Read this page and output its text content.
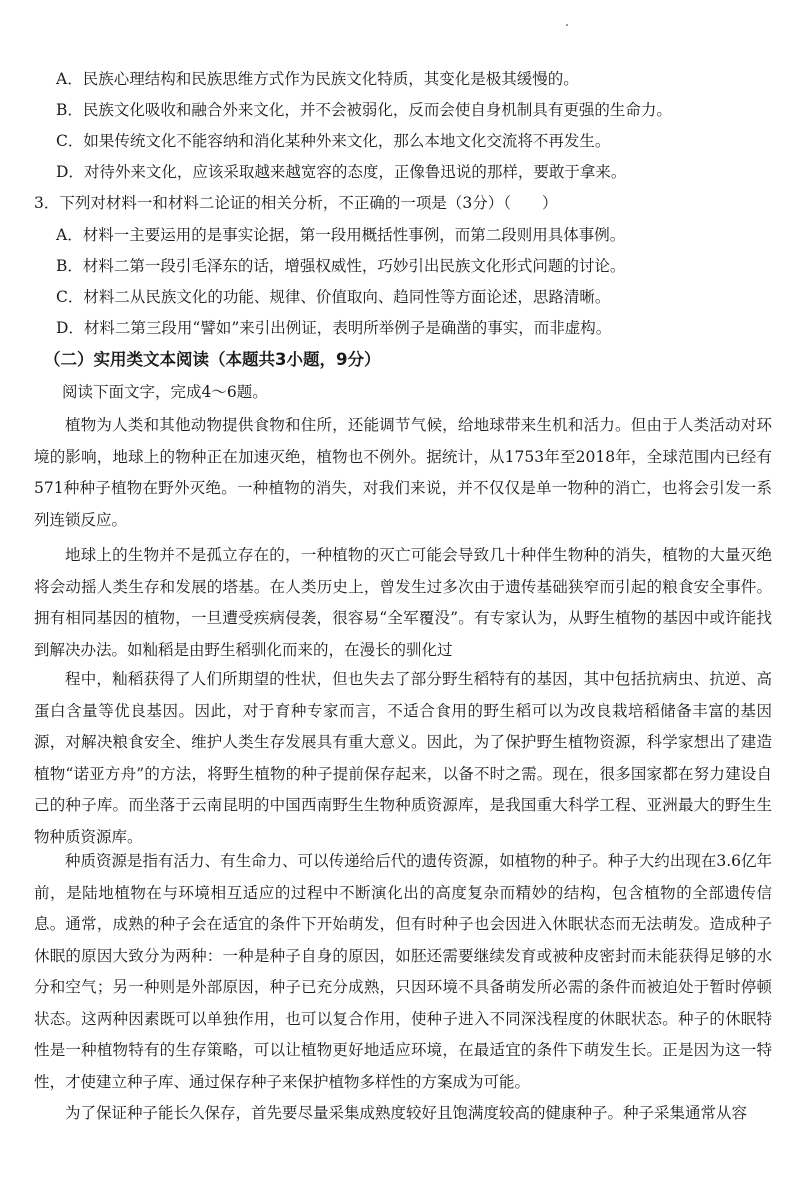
A．民族心理结构和民族思维方式作为民族文化特质，其变化是极其缓慢的。
B．民族文化吸收和融合外来文化，并不会被弱化，反而会使自身机制具有更强的生命力。
C．如果传统文化不能容纳和消化某种外来文化，那么本地文化交流将不再发生。
D．对待外来文化，应该采取越来越宽容的态度，正像鲁迅说的那样，要敢于拿来。
3．下列对材料一和材料二论证的相关分析，不正确的一项是（3分）（　　）
A．材料一主要运用的是事实论据，第一段用概括性事例，而第二段则用具体事例。
B．材料二第一段引毛泽东的话，增强权威性，巧妙引出民族文化形式问题的讨论。
C．材料二从民族文化的功能、规律、价值取向、趋同性等方面论述，思路清晰。
D．材料二第三段用“譬如”来引出例证，表明所举例子是确凿的事实，而非虚构。
（二）实用类文本阅读（本题共3小题，9分）
阅读下面文字，完成4～6题。

植物为人类和其他动物提供食物和住所，还能调节气候，给地球带来生机和活力。但由于人类活动对环境的影响，地球上的物种正在加速灭绝，植物也不例外。据统计，从1753年至2018年，全球范围内已经有571种种子植物在野外灭绝。一种植物的消失，对我们来说，并不仅仅是单一物种的消亡，也将会引发一系列连锁反应。

地球上的生物并不是孤立存在的，一种植物的灭亡可能会导致几十种伴生物种的消失，植物的大量灭绝将会动摇人类生存和发展的塔基。在人类历史上，曾发生过多次由于遗传基础狭窄而引起的粮食安全事件。拥有相同基因的植物，一旦遭受疾病侵袭，很容易“全军覆没”。有专家认为，从野生植物的基因中或许能找到解决办法。如籼稻是由野生稻驯化而来的，在漫长的驯化过

程中，籼稻获得了人们所期望的性状，但也失去了部分野生稻特有的基因，其中包括抗病虫、抗逆、高蛋白含量等优良基因。因此，对于育种专家而言，不适合食用的野生稻可以为改良栽培稻储备丰富的基因源，对解决粮食安全、维护人类生存发展具有重大意义。因此，为了保护野生植物资源，科学家想出了建造植物“诺亚方舟”的方法，将野生植物的种子提前保存起来，以备不时之需。现在，很多国家都在努力建设自己的种子库。而坐落于云南昆明的中国西南野生生物种质资源库，是我国重大科学工程、亚洲最大的野生生物种质资源库。

种质资源是指有活力、有生命力、可以传递给后代的遗传资源，如植物的种子。种子大约出现在3.6亿年前，是陆地植物在与环境相互适应的过程中不断演化出的高度复杂而精妙的结构，包含植物的全部遗传信息。通常，成熟的种子会在适宜的条件下开始萌发，但有时种子也会因进入休眠状态而无法萌发。造成种子休眠的原因大致分为两种：一种是种子自身的原因，如胚还需要继续发育或被种皮密封而未能获得足够的水分和空气；另一种则是外部原因，种子已充分成熟，只因环境不具备萌发所必需的条件而被迫处于暂时停顿状态。这两种因素既可以单独作用，也可以复合作用，使种子进入不同深浅程度的休眠状态。种子的休眠特性是一种植物特有的生存策略，可以让植物更好地适应环境，在最适宜的条件下萌发生长。正是因为这一特性，才使建立种子库、通过保存种子来保护植物多样性的方案成为可能。

为了保证种子能长久保存，首先要尽量采集成熟度较好且饱满度较高的健康种子。种子采集通常从容
